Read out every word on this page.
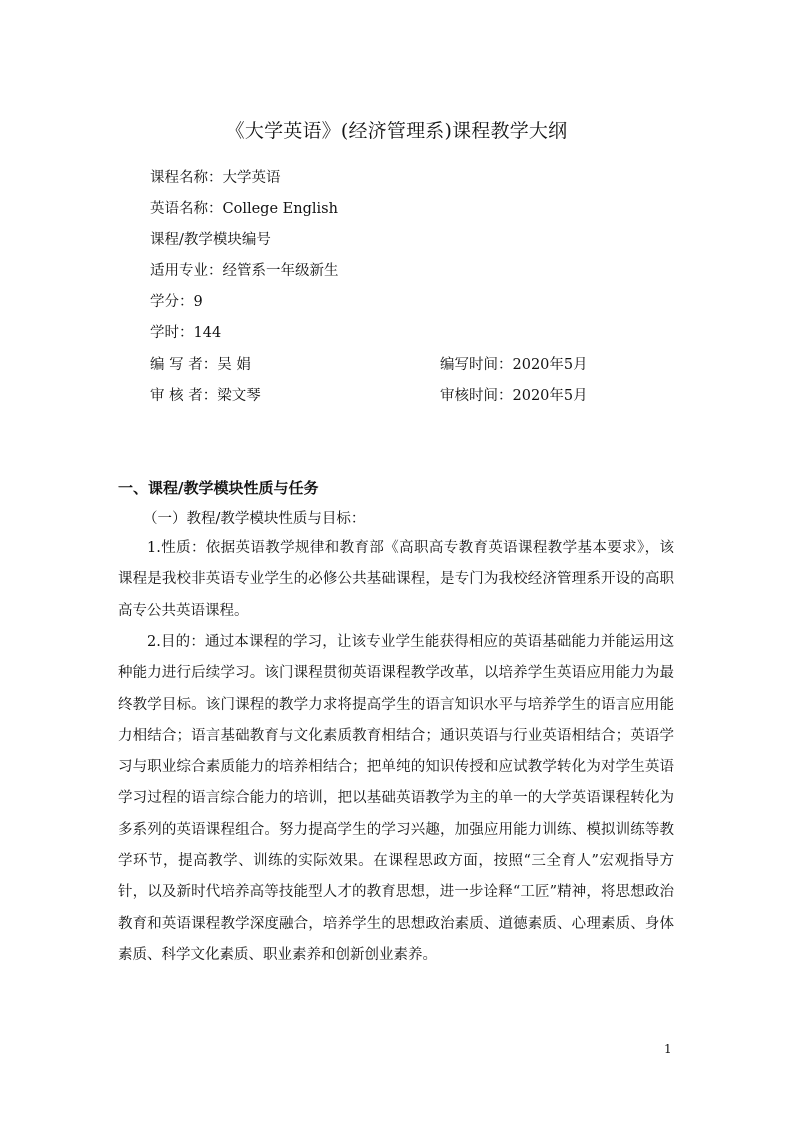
《大学英语》(经济管理系)课程教学大纲
课程名称：大学英语
英语名称：College English
课程/教学模块编号
适用专业：经管系一年级新生
学分：9
学时：144
编 写 者：吴 娟	编写时间：2020年5月
审 核 者：梁文琴	审核时间：2020年5月
一、课程/教学模块性质与任务
（一）教程/教学模块性质与目标：

1.性质：依据英语教学规律和教育部《高职高专教育英语课程教学基本要求》，该课程是我校非英语专业学生的必修公共基础课程，是专门为我校经济管理系开设的高职高专公共英语课程。

2.目的：通过本课程的学习，让该专业学生能获得相应的英语基础能力并能运用这种能力进行后续学习。该门课程贯彻英语课程教学改革，以培养学生英语应用能力为最终教学目标。该门课程的教学力求将提高学生的语言知识水平与培养学生的语言应用能力相结合；语言基础教育与文化素质教育相结合；通识英语与行业英语相结合；英语学习与职业综合素质能力的培养相结合；把单纯的知识传授和应试教学转化为对学生英语学习过程的语言综合能力的培训，把以基础英语教学为主的单一的大学英语课程转化为多系列的英语课程组合。努力提高学生的学习兴趣，加强应用能力训练、模拟训练等教学环节，提高教学、训练的实际效果。在课程思政方面，按照“三全育人”宏观指导方针，以及新时代培养高等技能型人才的教育思想，进一步诠释“工匠”精神，将思想政治教育和英语课程教学深度融合，培养学生的思想政治素质、道德素质、心理素质、身体素质、科学文化素质、职业素养和创新创业素养。

1
